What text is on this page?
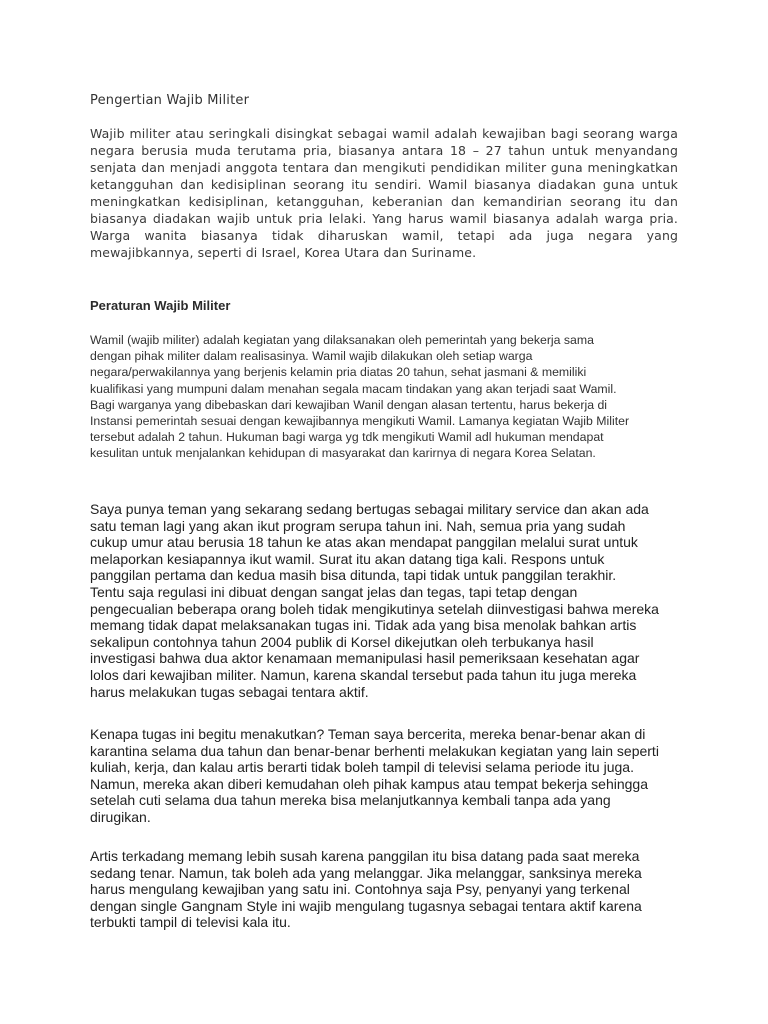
Pengertian Wajib Militer

Wajib militer atau seringkali disingkat sebagai wamil adalah kewajiban bagi seorang warga negara berusia muda terutama pria, biasanya antara 18 – 27 tahun untuk menyandang senjata dan menjadi anggota tentara dan mengikuti pendidikan militer guna meningkatkan ketangguhan dan kedisiplinan seorang itu sendiri. Wamil biasanya diadakan guna untuk meningkatkan kedisiplinan, ketangguhan, keberanian dan kemandirian seorang itu dan biasanya diadakan wajib untuk pria lelaki. Yang harus wamil biasanya adalah warga pria. Warga wanita biasanya tidak diharuskan wamil, tetapi ada juga negara yang mewajibkannya, seperti di Israel, Korea Utara dan Suriname.

Peraturan Wajib Militer

Wamil (wajib militer) adalah kegiatan yang dilaksanakan oleh pemerintah yang bekerja sama
dengan pihak militer dalam realisasinya. Wamil wajib dilakukan oleh setiap warga
negara/perwakilannya yang berjenis kelamin pria diatas 20 tahun, sehat jasmani & memiliki
kualifikasi yang mumpuni dalam menahan segala macam tindakan yang akan terjadi saat Wamil.
Bagi warganya yang dibebaskan dari kewajiban Wanil dengan alasan tertentu, harus bekerja di
Instansi pemerintah sesuai dengan kewajibannya mengikuti Wamil. Lamanya kegiatan Wajib Militer
tersebut adalah 2 tahun. Hukuman bagi warga yg tdk mengikuti Wamil adl hukuman mendapat
kesulitan untuk menjalankan kehidupan di masyarakat dan karirnya di negara Korea Selatan.

Saya punya teman yang sekarang sedang bertugas sebagai military service dan akan ada
satu teman lagi yang akan ikut program serupa tahun ini. Nah, semua pria yang sudah
cukup umur atau berusia 18 tahun ke atas akan mendapat panggilan melalui surat untuk
melaporkan kesiapannya ikut wamil. Surat itu akan datang tiga kali. Respons untuk
panggilan pertama dan kedua masih bisa ditunda, tapi tidak untuk panggilan terakhir.
Tentu saja regulasi ini dibuat dengan sangat jelas dan tegas, tapi tetap dengan
pengecualian beberapa orang boleh tidak mengikutinya setelah diinvestigasi bahwa mereka
memang tidak dapat melaksanakan tugas ini. Tidak ada yang bisa menolak bahkan artis
sekalipun contohnya tahun 2004 publik di Korsel dikejutkan oleh terbukanya hasil
investigasi bahwa dua aktor kenamaan memanipulasi hasil pemeriksaan kesehatan agar
lolos dari kewajiban militer. Namun, karena skandal tersebut pada tahun itu juga mereka
harus melakukan tugas sebagai tentara aktif.

Kenapa tugas ini begitu menakutkan? Teman saya bercerita, mereka benar-benar akan di
karantina selama dua tahun dan benar-benar berhenti melakukan kegiatan yang lain seperti
kuliah, kerja, dan kalau artis berarti tidak boleh tampil di televisi selama periode itu juga.
Namun, mereka akan diberi kemudahan oleh pihak kampus atau tempat bekerja sehingga
setelah cuti selama dua tahun mereka bisa melanjutkannya kembali tanpa ada yang
dirugikan.

Artis terkadang memang lebih susah karena panggilan itu bisa datang pada saat mereka
sedang tenar. Namun, tak boleh ada yang melanggar. Jika melanggar, sanksinya mereka
harus mengulang kewajiban yang satu ini. Contohnya saja Psy, penyanyi yang terkenal
dengan single Gangnam Style ini wajib mengulang tugasnya sebagai tentara aktif karena
terbukti tampil di televisi kala itu.
